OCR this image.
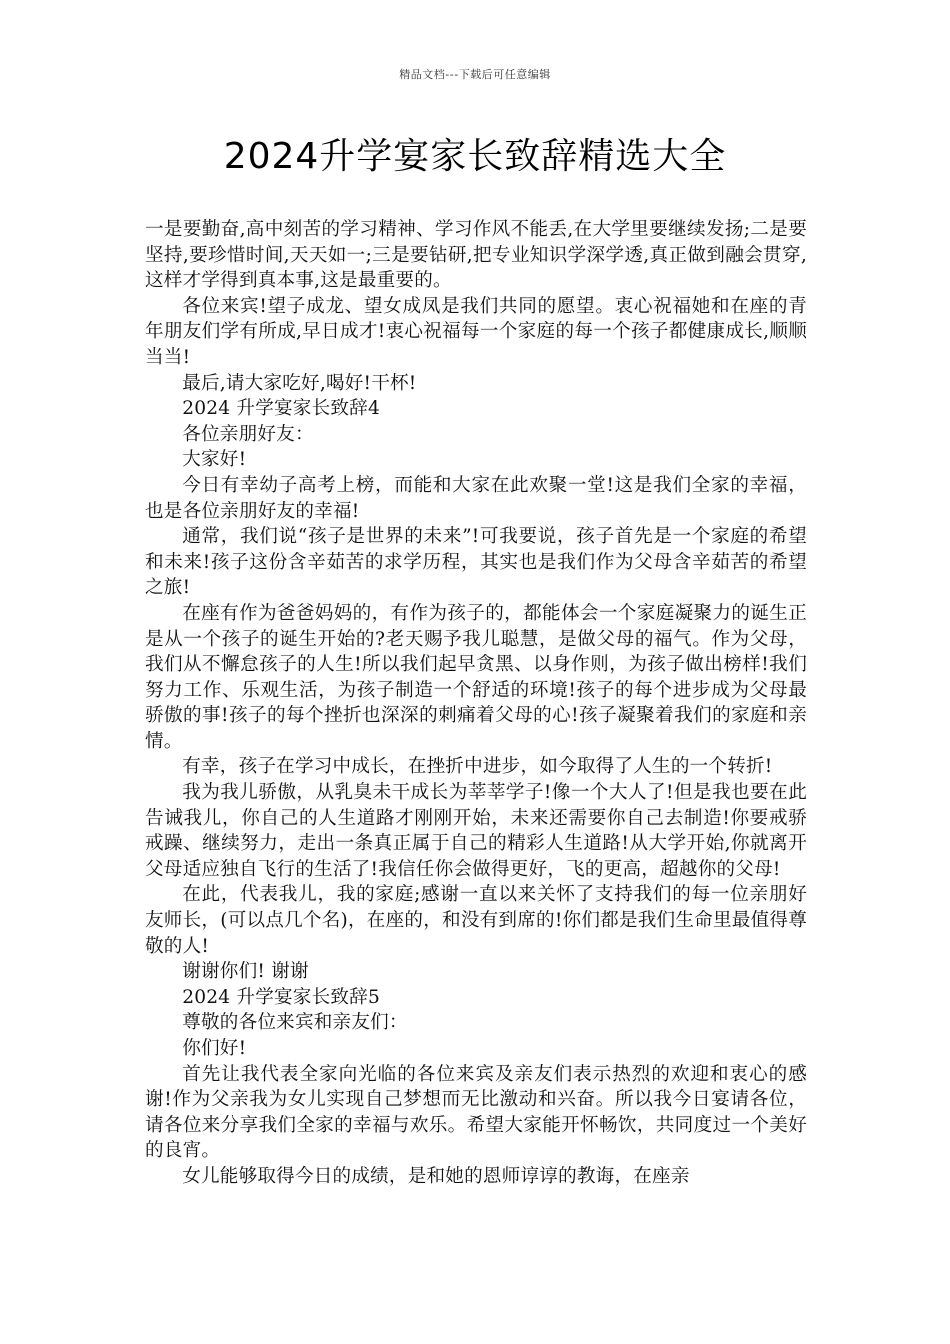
精品文档---下载后可任意编辑
2024升学宴家长致辞精选大全

一是要勤奋,高中刻苦的学习精神、学习作风不能丢,在大学里要继续发扬;二是要坚持,要珍惜时间,天天如一;三是要钻研,把专业知识学深学透,真正做到融会贯穿,这样才学得到真本事,这是最重要的。

各位来宾!望子成龙、望女成凤是我们共同的愿望。衷心祝福她和在座的青年朋友们学有所成,早日成才!衷心祝福每一个家庭的每一个孩子都健康成长,顺顺当当!

最后,请大家吃好,喝好!干杯!

2024 升学宴家长致辞4

各位亲朋好友：

大家好!

今日有幸幼子高考上榜，而能和大家在此欢聚一堂!这是我们全家的幸福，也是各位亲朋好友的幸福!

通常，我们说“孩子是世界的未来”!可我要说，孩子首先是一个家庭的希望和未来!孩子这份含辛茹苦的求学历程，其实也是我们作为父母含辛茹苦的希望之旅!

在座有作为爸爸妈妈的，有作为孩子的，都能体会一个家庭凝聚力的诞生正是从一个孩子的诞生开始的?老天赐予我儿聪慧，是做父母的福气。作为父母，我们从不懈怠孩子的人生!所以我们起早贪黑、以身作则，为孩子做出榜样!我们努力工作、乐观生活，为孩子制造一个舒适的环境!孩子的每个进步成为父母最骄傲的事!孩子的每个挫折也深深的刺痛着父母的心!孩子凝聚着我们的家庭和亲情。

有幸，孩子在学习中成长，在挫折中进步，如今取得了人生的一个转折!

我为我儿骄傲，从乳臭未干成长为莘莘学子!像一个大人了!但是我也要在此告诫我儿，你自己的人生道路才刚刚开始，未来还需要你自己去制造!你要戒骄戒躁、继续努力，走出一条真正属于自己的精彩人生道路!从大学开始,你就离开父母适应独自飞行的生活了!我信任你会做得更好，飞的更高，超越你的父母!

在此，代表我儿，我的家庭;感谢一直以来关怀了支持我们的每一位亲朋好友师长，(可以点几个名)，在座的，和没有到席的!你们都是我们生命里最值得尊敬的人!

谢谢你们! 谢谢

2024 升学宴家长致辞5

尊敬的各位来宾和亲友们：

你们好!

首先让我代表全家向光临的各位来宾及亲友们表示热烈的欢迎和衷心的感谢!作为父亲我为女儿实现自己梦想而无比激动和兴奋。所以我今日宴请各位，请各位来分享我们全家的幸福与欢乐。希望大家能开怀畅饮，共同度过一个美好的良宵。

女儿能够取得今日的成绩，是和她的恩师谆谆的教诲，在座亲
